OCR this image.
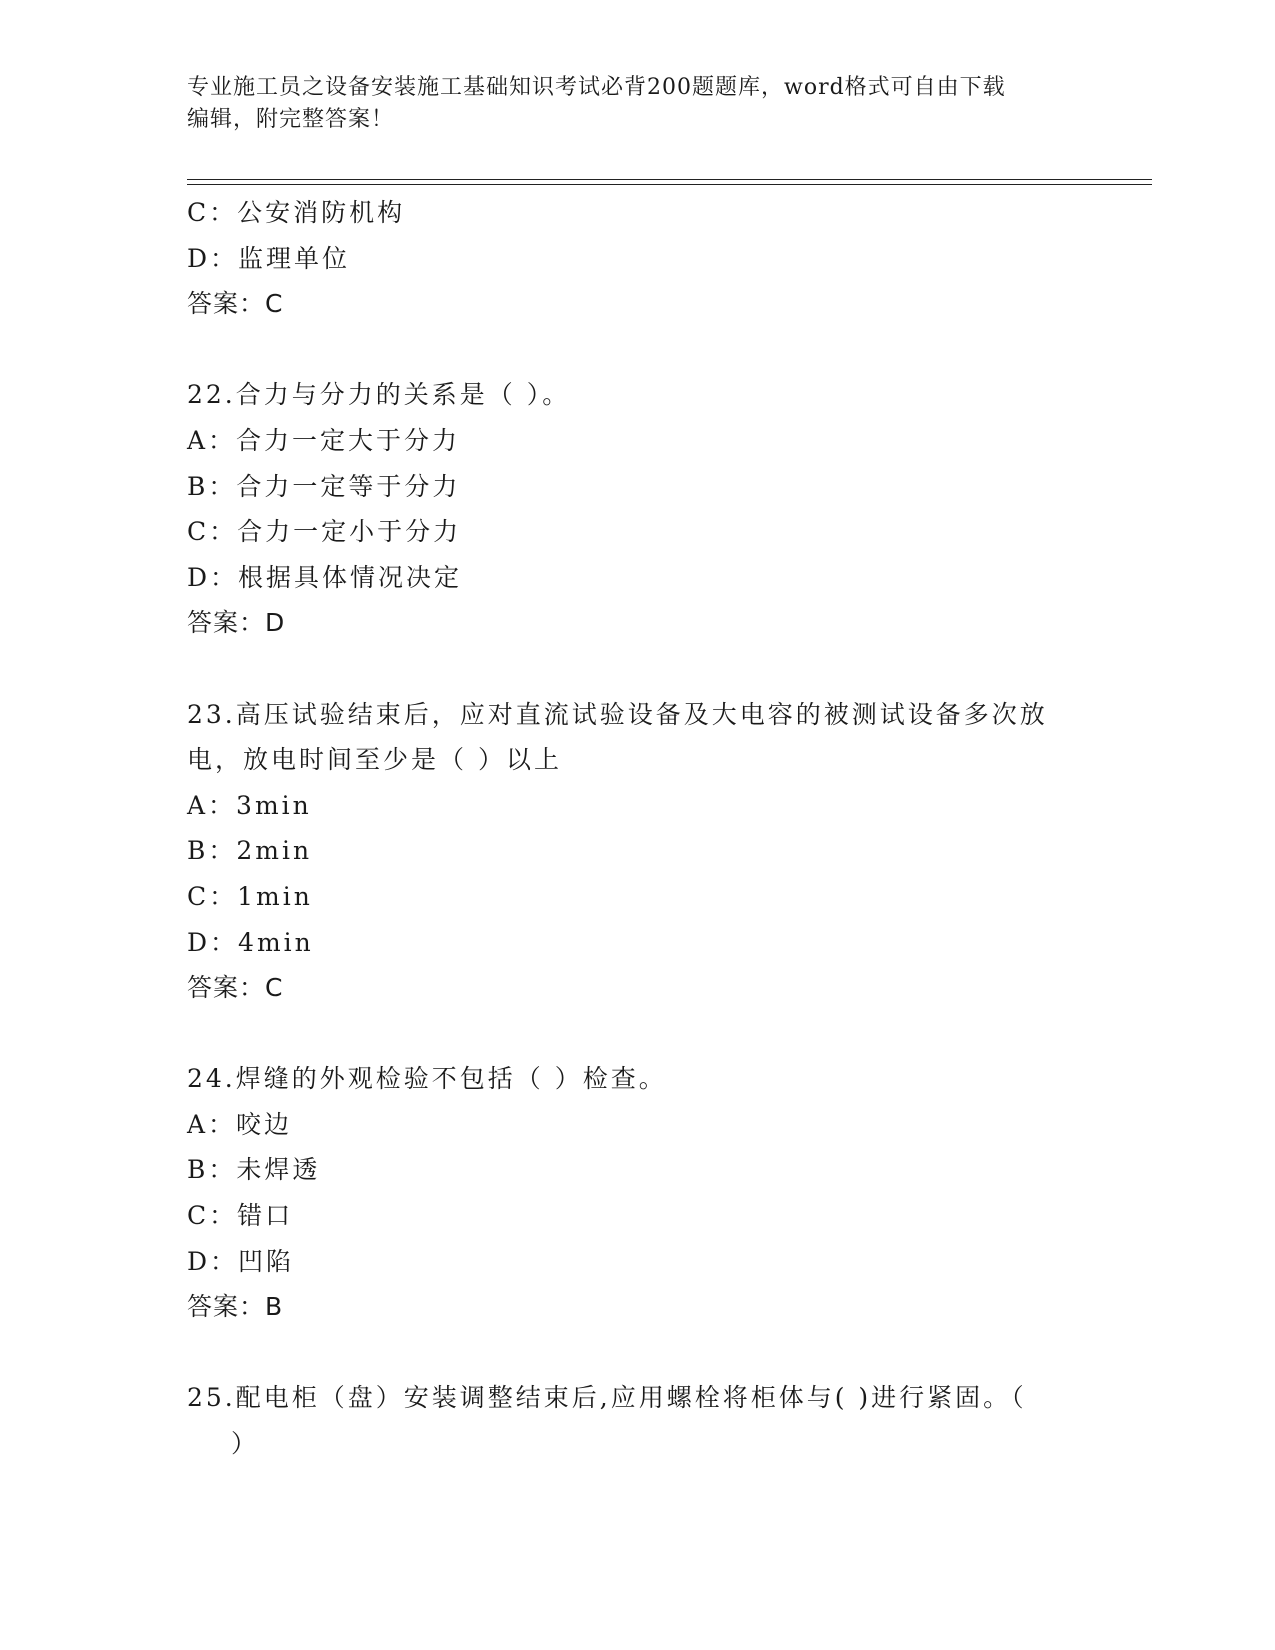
专业施工员之设备安装施工基础知识考试必背200题题库，word格式可自由下载
编辑，附完整答案！
C：公安消防机构
D：监理单位
答案：C
22.合力与分力的关系是（ ）。
A：合力一定大于分力
B：合力一定等于分力
C：合力一定小于分力
D：根据具体情况决定
答案：D
23.高压试验结束后，应对直流试验设备及大电容的被测试设备多次放
电，放电时间至少是（ ）以上
A：3min
B：2min
C：1min
D：4min
答案：C
24.焊缝的外观检验不包括（ ）检查。
A：咬边
B：未焊透
C：错口
D：凹陷
答案：B
25.配电柜（盘）安装调整结束后,应用螺栓将柜体与( )进行紧固。（
）
